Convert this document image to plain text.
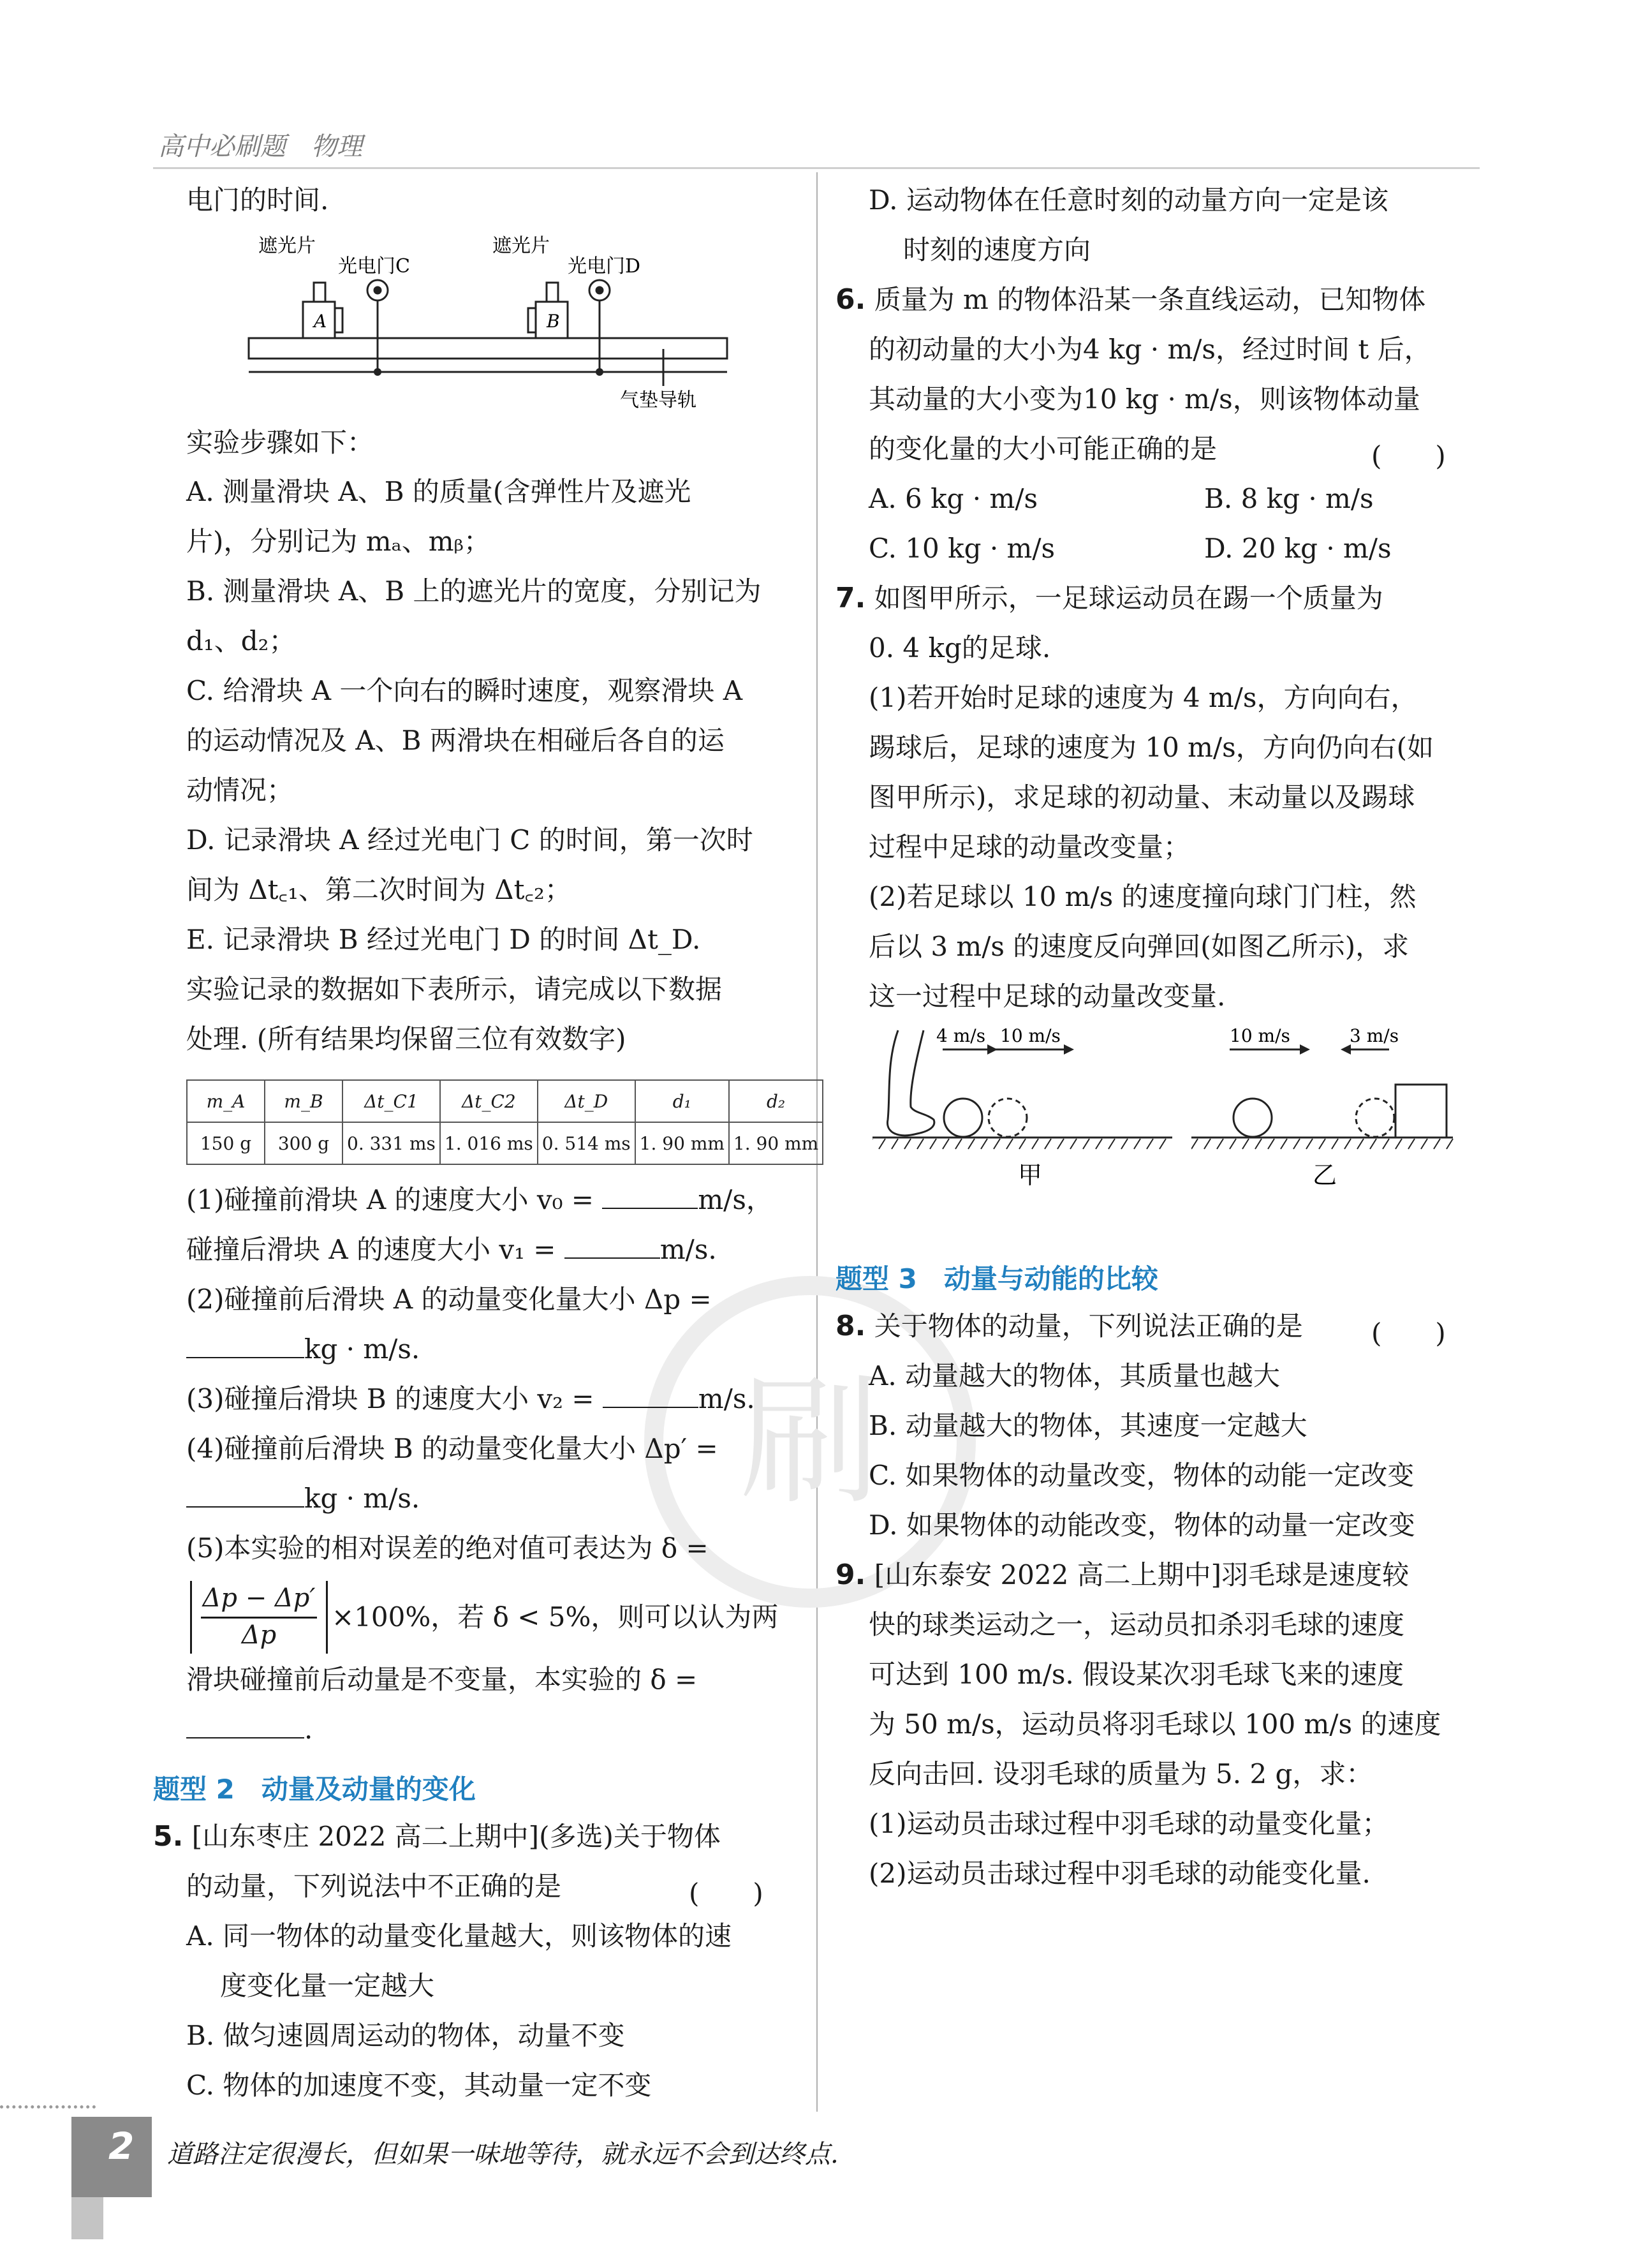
高中必刷题　物理
刷
电门的时间.
遮光片
光电门C
A
遮光片
光电门D
B
气垫导轨
实验步骤如下：
A. 测量滑块 A、B 的质量(含弹性片及遮光
片)，分别记为 mₐ、mᵦ；
B. 测量滑块 A、B 上的遮光片的宽度，分别记为
d₁、d₂；
C. 给滑块 A 一个向右的瞬时速度，观察滑块 A
的运动情况及 A、B 两滑块在相碰后各自的运
动情况；
D. 记录滑块 A 经过光电门 C 的时间，第一次时
间为 Δt꜀₁、第二次时间为 Δt꜀₂；
E. 记录滑块 B 经过光电门 D 的时间 Δt_D.
实验记录的数据如下表所示，请完成以下数据
处理. (所有结果均保留三位有效数字)
m_A	m_B	Δt_C1	Δt_C2	Δt_D	d₁	d₂
150 g	300 g	0. 331 ms	1. 016 ms	0. 514 ms	1. 90 mm	1. 90 mm
(1)碰撞前滑块 A 的速度大小 v₀ =	m/s，
碰撞后滑块 A 的速度大小 v₁ =	m/s.
(2)碰撞前后滑块 A 的动量变化量大小 Δp =
kg · m/s.
(3)碰撞后滑块 B 的速度大小 v₂ =	m/s.
(4)碰撞前后滑块 B 的动量变化量大小 Δp′ =
kg · m/s.
(5)本实验的相对误差的绝对值可表达为 δ =
Δp − Δp′
Δp
×100%，若 δ < 5%，则可以认为两
滑块碰撞前后动量是不变量，本实验的 δ =
.
题型 2　动量及动量的变化
5. [山东枣庄 2022 高二上期中](多选)关于物体
的动量，下列说法中不正确的是	(　　)
A. 同一物体的动量变化量越大，则该物体的速
度变化量一定越大
B. 做匀速圆周运动的物体，动量不变
C. 物体的加速度不变，其动量一定不变
D. 运动物体在任意时刻的动量方向一定是该
时刻的速度方向
6. 质量为 m 的物体沿某一条直线运动，已知物体
的初动量的大小为4 kg · m/s，经过时间 t 后，
其动量的大小变为10 kg · m/s，则该物体动量
的变化量的大小可能正确的是	(　　)
A. 6 kg · m/s	B. 8 kg · m/s
C. 10 kg · m/s	D. 20 kg · m/s
7. 如图甲所示，一足球运动员在踢一个质量为
0. 4 kg的足球.
(1)若开始时足球的速度为 4 m/s，方向向右，
踢球后，足球的速度为 10 m/s，方向仍向右(如
图甲所示)，求足球的初动量、末动量以及踢球
过程中足球的动量改变量；
(2)若足球以 10 m/s 的速度撞向球门门柱，然
后以 3 m/s 的速度反向弹回(如图乙所示)，求
这一过程中足球的动量改变量.
4 m/s 10 m/s
甲
10 m/s	3 m/s
乙
题型 3　动量与动能的比较
8. 关于物体的动量，下列说法正确的是	(　　)
A. 动量越大的物体，其质量也越大
B. 动量越大的物体，其速度一定越大
C. 如果物体的动量改变，物体的动能一定改变
D. 如果物体的动能改变，物体的动量一定改变
9. [山东泰安 2022 高二上期中]羽毛球是速度较
快的球类运动之一，运动员扣杀羽毛球的速度
可达到 100 m/s. 假设某次羽毛球飞来的速度
为 50 m/s，运动员将羽毛球以 100 m/s 的速度
反向击回. 设羽毛球的质量为 5. 2 g，求：
(1)运动员击球过程中羽毛球的动量变化量；
(2)运动员击球过程中羽毛球的动能变化量.
2 道路注定很漫长，但如果一味地等待，就永远不会到达终点.
